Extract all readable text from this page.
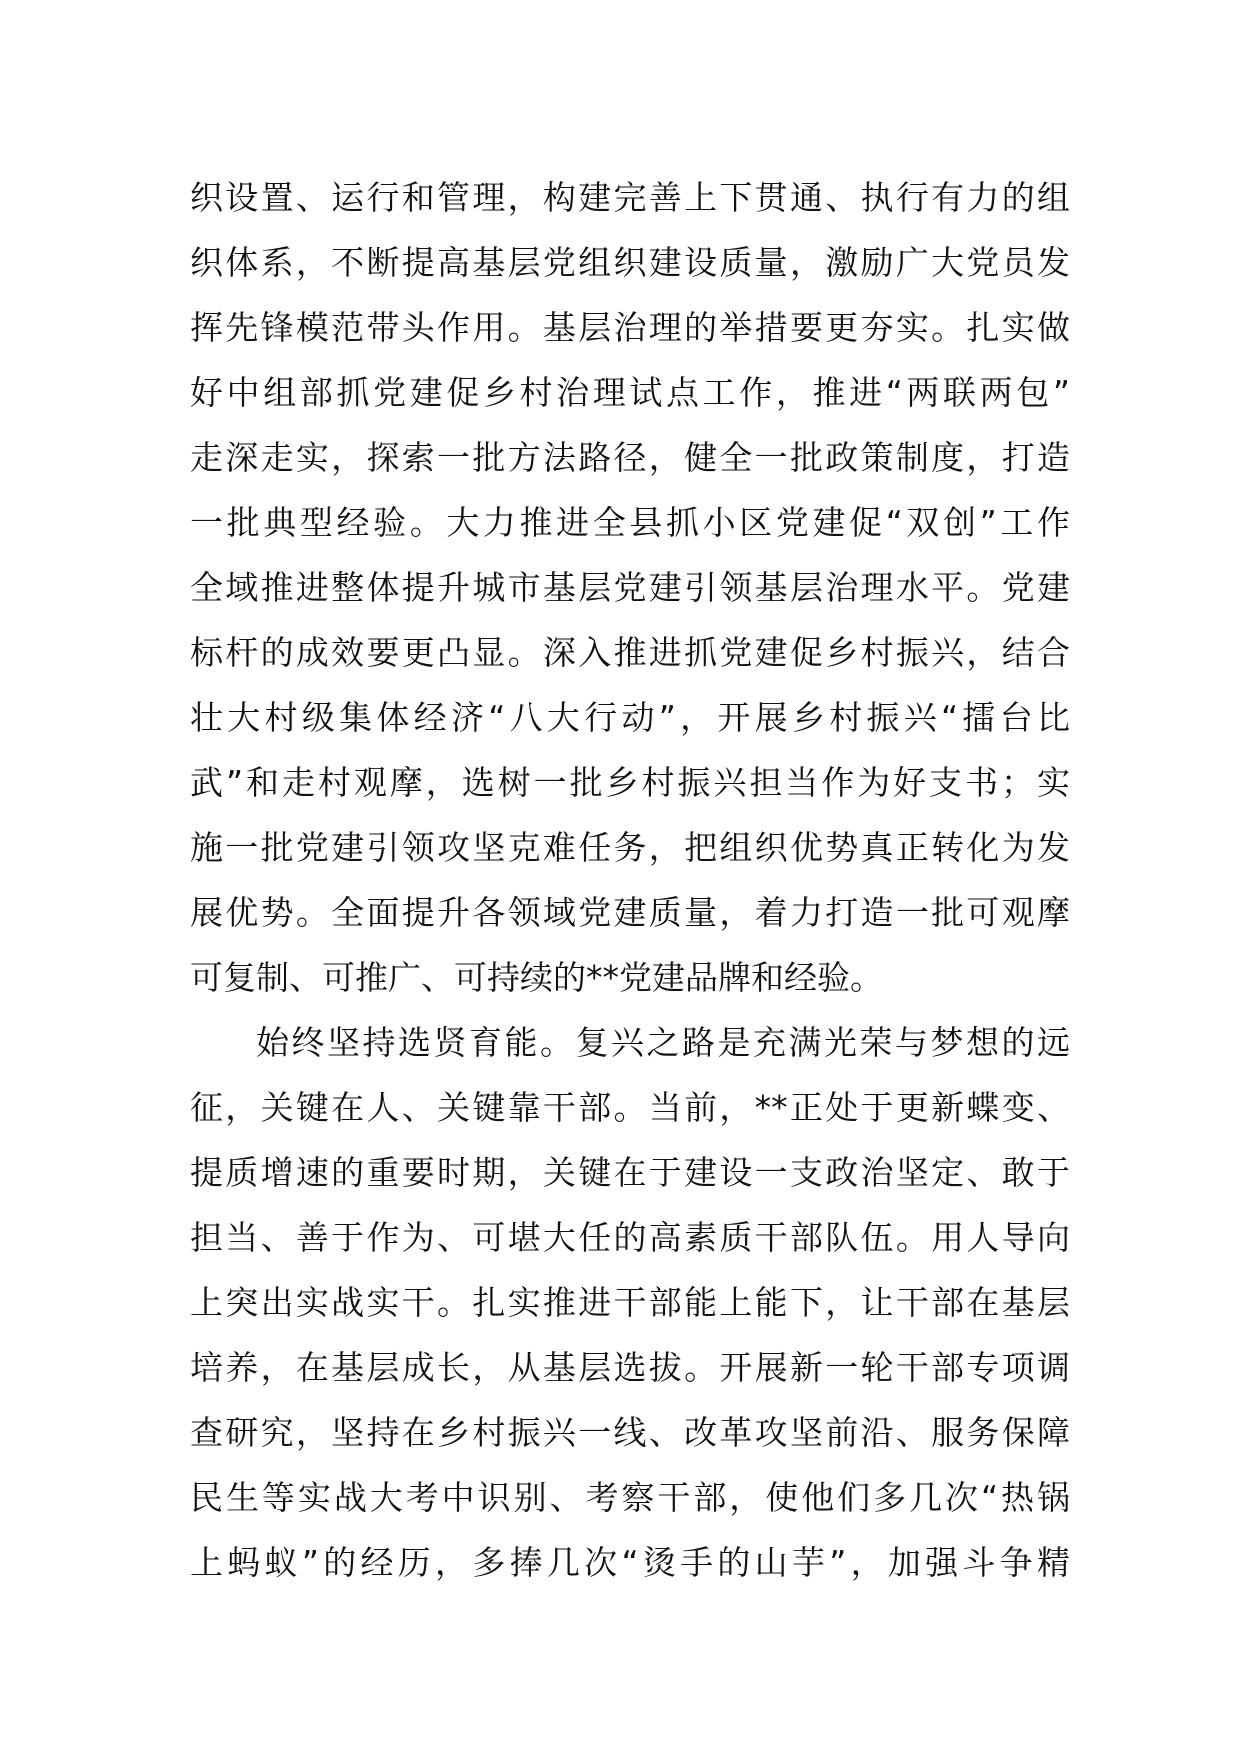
织设置、运行和管理，构建完善上下贯通、执行有力的组
织体系，不断提高基层党组织建设质量，激励广大党员发
挥先锋模范带头作用。基层治理的举措要更夯实。扎实做
好中组部抓党建促乡村治理试点工作，推进“两联两包”
走深走实，探索一批方法路径，健全一批政策制度，打造
一批典型经验。大力推进全县抓小区党建促“双创”工作
全域推进整体提升城市基层党建引领基层治理水平。党建
标杆的成效要更凸显。深入推进抓党建促乡村振兴，结合
壮大村级集体经济“八大行动”，开展乡村振兴“擂台比
武”和走村观摩，选树一批乡村振兴担当作为好支书；实
施一批党建引领攻坚克难任务，把组织优势真正转化为发
展优势。全面提升各领域党建质量，着力打造一批可观摩
可复制、可推广、可持续的**党建品牌和经验。
始终坚持选贤育能。复兴之路是充满光荣与梦想的远
征，关键在人、关键靠干部。当前，**正处于更新蝶变、
提质增速的重要时期，关键在于建设一支政治坚定、敢于
担当、善于作为、可堪大任的高素质干部队伍。用人导向
上突出实战实干。扎实推进干部能上能下，让干部在基层
培养，在基层成长，从基层选拔。开展新一轮干部专项调
查研究，坚持在乡村振兴一线、改革攻坚前沿、服务保障
民生等实战大考中识别、考察干部，使他们多几次“热锅
上蚂蚁”的经历，多捧几次“烫手的山芋”，加强斗争精
